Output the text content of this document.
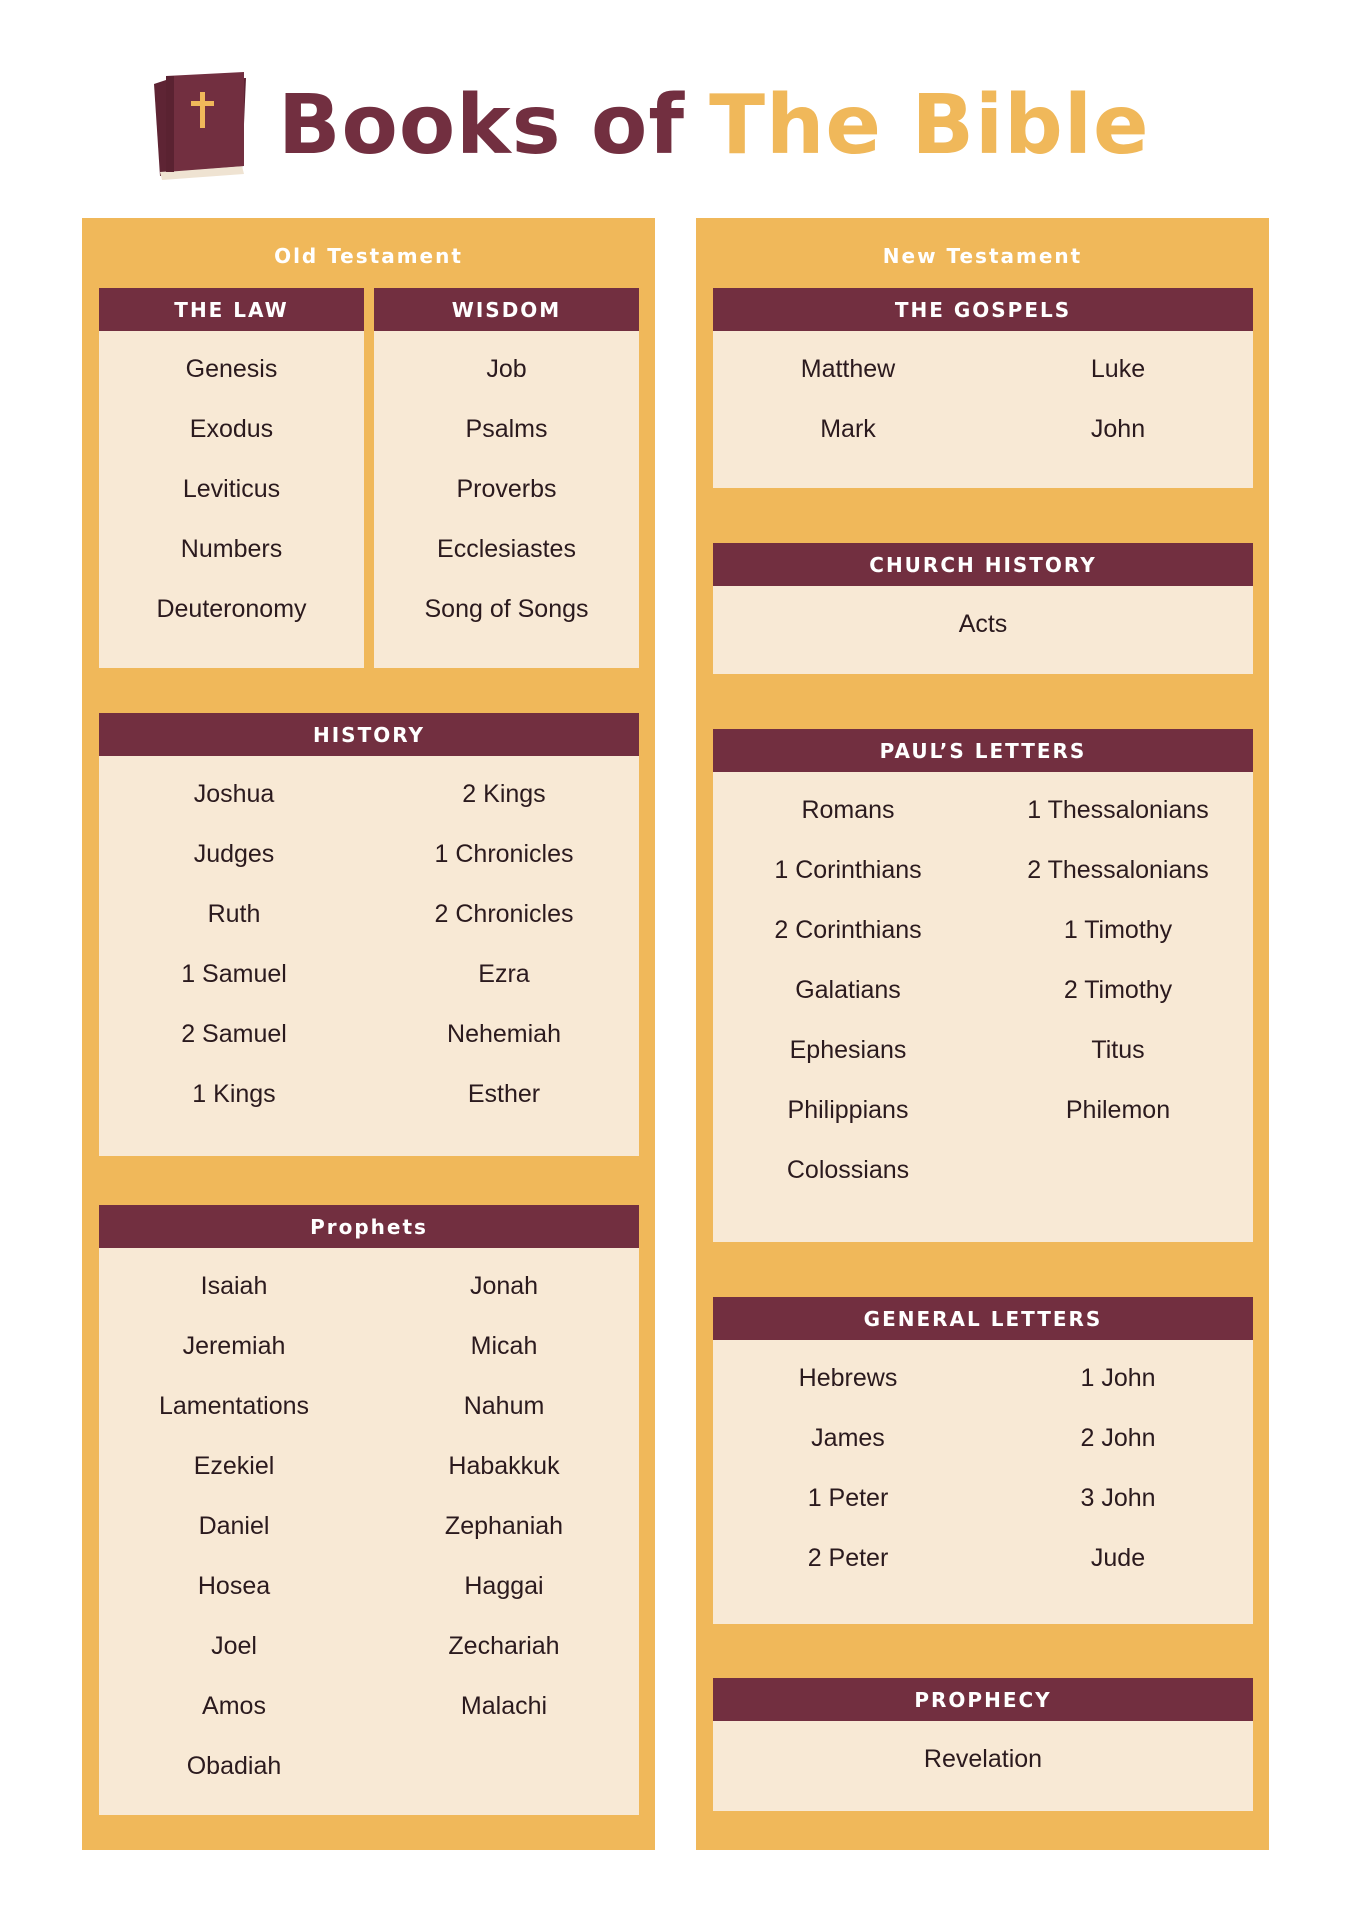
Books of The Bible
Old Testament
THE LAW
Genesis
Exodus
Leviticus
Numbers
Deuteronomy
WISDOM
Job
Psalms
Proverbs
Ecclesiastes
Song of Songs
HISTORY
Joshua
Judges
Ruth
1 Samuel
2 Samuel
1 Kings
2 Kings
1 Chronicles
2 Chronicles
Ezra
Nehemiah
Esther
Prophets
Isaiah
Jeremiah
Lamentations
Ezekiel
Daniel
Hosea
Joel
Amos
Obadiah
Jonah
Micah
Nahum
Habakkuk
Zephaniah
Haggai
Zechariah
Malachi
New Testament
THE GOSPELS
Matthew
Mark
Luke
John
CHURCH HISTORY
Acts
PAUL’S LETTERS
Romans
1 Corinthians
2 Corinthians
Galatians
Ephesians
Philippians
Colossians
1 Thessalonians
2 Thessalonians
1 Timothy
2 Timothy
Titus
Philemon
GENERAL LETTERS
Hebrews
James
1 Peter
2 Peter
1 John
2 John
3 John
Jude
PROPHECY
Revelation
